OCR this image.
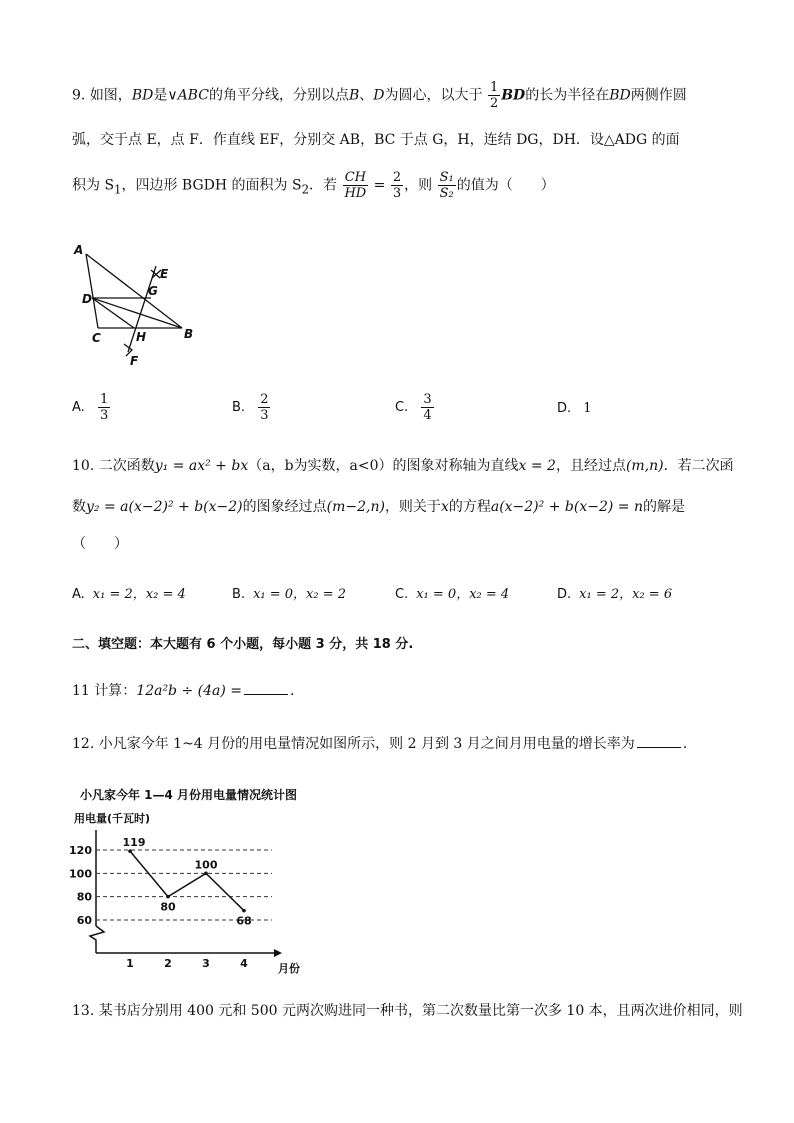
9. 如图，BD是∨ABC的角平分线，分别以点B、D为圆心，以大于 $\frac{1}{2}$ BD的长为半径在BD两侧作圆
弧，交于点 E，点 F．作直线 EF，分别交 AB，BC 于点 G，H，连结 DG，DH．设△ADG 的面
积为 $S_1$，四边形 BGDH 的面积为 $S_2$．若 $\frac{CH}{HD} = \frac{2}{3}$ ，则 $\frac{\text{S₁}}{\text{S₂}}$ 的值为（　　）
A
D
C	B
E
G
H
F
A. $\frac{1}{3}$	B. $\frac{2}{3}$	C. $\frac{3}{4}$	D. 1
10. 二次函数y₁ = ax² + bx（a，b为实数，a<0）的图象对称轴为直线x = 2，且经过点(m,n)．若二次函
数y₂ = a(x−2)² + b(x−2)的图象经过点(m−2,n)，则关于x的方程a(x−2)² + b(x−2) = n的解是
（　　）
A. x₁ = 2，x₂ = 4	B. x₁ = 0，x₂ = 2	C. x₁ = 0，x₂ = 4	D. x₁ = 2，x₂ = 6
二、填空题：本大题有 6 个小题，每小题 3 分，共 18 分.
11 计算：12a²b ÷ (4a) =	.
12. 小凡家今年 1~4 月份的用电量情况如图所示，则 2 月到 3 月之间月用电量的增长率为	.
小凡家今年 1—4 月份用电量情况统计图
用电量(千瓦时)
月份
60
80
100
120
1	2	3	4
119
80
100
68
13. 某书店分别用 400 元和 500 元两次购进同一种书，第二次数量比第一次多 10 本，且两次进价相同，则
